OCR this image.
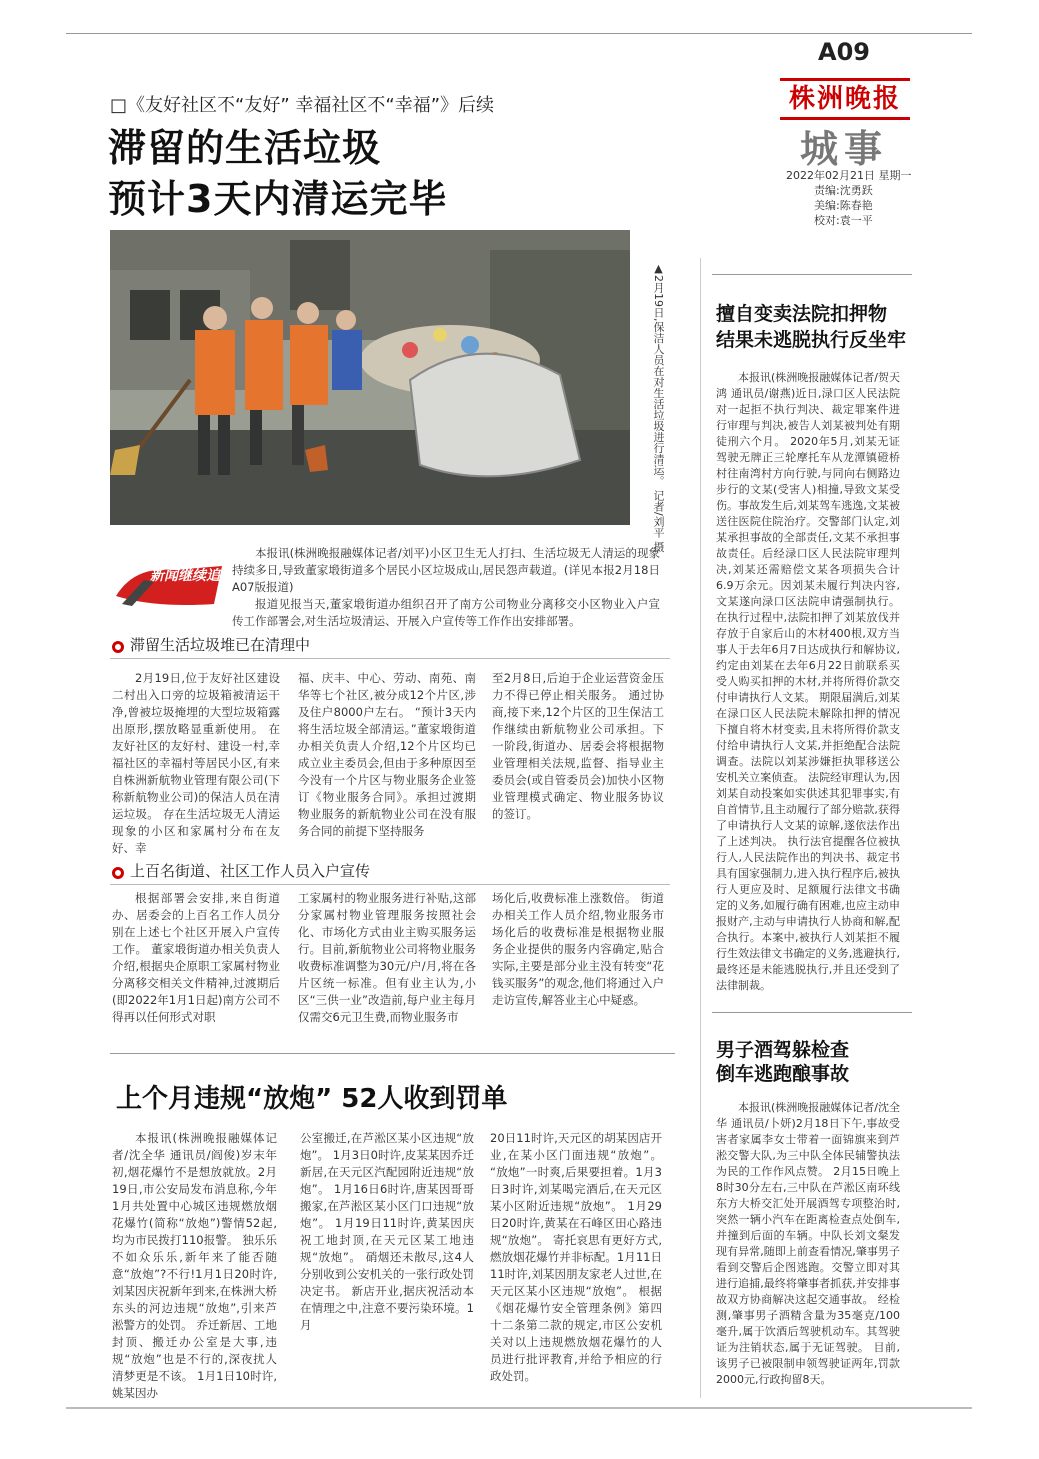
A09
株洲晚报
城事
2022年02月21日 星期一
责编:沈勇跃
美编:陈春艳
校对:袁一平
□《友好社区不“友好” 幸福社区不“幸福”》后续
滞留的生活垃圾
预计3天内清运完毕
▲2月19日,保洁人员在对生活垃圾进行清运。 记者/刘平 摄
新闻继续追
本报讯(株洲晚报融媒体记者/刘平)小区卫生无人打扫、生活垃圾无人清运的现象持续多日,导致董家塅街道多个居民小区垃圾成山,居民怨声载道。(详见本报2月18日A07版报道)
报道见报当天,董家塅街道办组织召开了南方公司物业分离移交小区物业入户宣传工作部署会,对生活垃圾清运、开展入户宣传等工作作出安排部署。
滞留生活垃圾堆已在清理中
2月19日,位于友好社区建设二村出入口旁的垃圾箱被清运干净,曾被垃圾掩埋的大型垃圾箱露出原形,摆放略显重新使用。 在友好社区的友好村、建设一村,幸福社区的幸福村等居民小区,有来自株洲新航物业管理有限公司(下称新航物业公司)的保洁人员在清运垃圾。 存在生活垃圾无人清运现象的小区和家属村分布在友好、幸
福、庆丰、中心、劳动、南苑、南华等七个社区,被分成12个片区,涉及住户8000户左右。 “预计3天内将生活垃圾全部清运。”董家塅街道办相关负责人介绍,12个片区均已成立业主委员会,但由于多种原因至今没有一个片区与物业服务企业签订《物业服务合同》。承担过渡期物业服务的新航物业公司在没有服务合同的前提下坚持服务
至2月8日,后迫于企业运营资金压力不得已停止相关服务。 通过协商,接下来,12个片区的卫生保洁工作继续由新航物业公司承担。下一阶段,街道办、居委会将根据物业管理相关法规,监督、指导业主委员会(或自管委员会)加快小区物业管理模式确定、物业服务协议的签订。
上百名街道、社区工作人员入户宣传
根据部署会安排,来自街道办、居委会的上百名工作人员分别在上述七个社区开展入户宣传工作。 董家塅街道办相关负责人介绍,根据央企原职工家属村物业分离移交相关文件精神,过渡期后(即2022年1月1日起)南方公司不得再以任何形式对职
工家属村的物业服务进行补贴,这部分家属村物业管理服务按照社会化、市场化方式由业主购买服务运行。目前,新航物业公司将物业服务收费标准调整为30元/户/月,将在各片区统一标准。但有业主认为,小区“三供一业”改造前,每户业主每月仅需交6元卫生费,而物业服务市
场化后,收费标准上涨数倍。 街道办相关工作人员介绍,物业服务市场化后的收费标准是根据物业服务企业提供的服务内容确定,贴合实际,主要是部分业主没有转变“花钱买服务”的观念,他们将通过入户走访宣传,解答业主心中疑惑。
上个月违规“放炮” 52人收到罚单
本报讯(株洲晚报融媒体记者/沈全华 通讯员/阎俊)岁末年初,烟花爆竹不是想放就放。2月19日,市公安局发布消息称,今年1月共处置中心城区违规燃放烟花爆竹(简称“放炮”)警情52起,均为市民拨打110报警。 独乐乐不如众乐乐,新年来了能否随意“放炮”?不行!1月1日20时许,刘某因庆祝新年到来,在株洲大桥东头的河边违规“放炮”,引来芦淞警方的处罚。 乔迁新居、工地封顶、搬迁办公室是大事,违规“放炮”也是不行的,深夜扰人清梦更是不该。 1月1日10时许,姚某因办
公室搬迁,在芦淞区某小区违规“放炮”。 1月3日0时许,皮某某因乔迁新居,在天元区汽配园附近违规“放炮”。 1月16日6时许,唐某因哥哥搬家,在芦淞区某小区门口违规“放炮”。 1月19日11时许,黄某因庆祝工地封顶,在天元区某工地违规“放炮”。 硝烟还未散尽,这4人分别收到公安机关的一张行政处罚决定书。 新店开业,据庆祝活动本在情理之中,注意不要污染环境。1月
20日11时许,天元区的胡某因店开业,在某小区门面违规“放炮”。 “放炮”一时爽,后果要担着。1月3日3时许,刘某喝完酒后,在天元区某小区附近违规“放炮”。 1月29日20时许,黄某在石峰区田心路违规“放炮”。 寄托哀思有更好方式,燃放烟花爆竹并非标配。1月11日11时许,刘某因朋友家老人过世,在天元区某小区违规“放炮”。 根据《烟花爆竹安全管理条例》第四十二条第二款的规定,市区公安机关对以上违规燃放烟花爆竹的人员进行批评教育,并给予相应的行政处罚。
擅自变卖法院扣押物
结果未逃脱执行反坐牢
本报讯(株洲晚报融媒体记者/贺天鸿 通讯员/谢燕)近日,渌口区人民法院对一起拒不执行判决、裁定罪案件进行审理与判决,被告人刘某被判处有期徒刑六个月。 2020年5月,刘某无证驾驶无牌正三轮摩托车从龙潭镇磴桥村往南湾村方向行驶,与同向右侧路边步行的文某(受害人)相撞,导致文某受伤。事故发生后,刘某驾车逃逸,文某被送往医院住院治疗。交警部门认定,刘某承担事故的全部责任,文某不承担事故责任。后经渌口区人民法院审理判决,刘某还需赔偿文某各项损失合计6.9万余元。因刘某未履行判决内容,文某遂向渌口区法院申请强制执行。 在执行过程中,法院扣押了刘某放伐并存放于自家后山的木材400根,双方当事人于去年6月7日达成执行和解协议,约定由刘某在去年6月22日前联系买受人购买扣押的木材,并将所得价款交付申请执行人文某。 期限届满后,刘某在渌口区人民法院未解除扣押的情况下擅自将木材变卖,且未将所得价款支付给申请执行人文某,并拒绝配合法院调查。法院以刘某涉嫌拒执罪移送公安机关立案侦查。 法院经审理认为,因刘某自动投案如实供述其犯罪事实,有自首情节,且主动履行了部分赔款,获得了申请执行人文某的谅解,遂依法作出了上述判决。 执行法官提醒各位被执行人,人民法院作出的判决书、裁定书具有国家强制力,进入执行程序后,被执行人更应及时、足额履行法律文书确定的义务,如履行确有困难,也应主动申报财产,主动与申请执行人协商和解,配合执行。本案中,被执行人刘某拒不履行生效法律文书确定的义务,逃避执行,最终还是未能逃脱执行,并且还受到了法律制裁。
男子酒驾躲检查
倒车逃跑酿事故
本报讯(株洲晚报融媒体记者/沈全华 通讯员/卜妍)2月18日下午,事故受害者家属李女士带着一面锦旗来到芦淞交警大队,为三中队全体民辅警执法为民的工作作风点赞。 2月15日晚上8时30分左右,三中队在芦淞区南环线东方大桥交汇处开展酒驾专项整治时,突然一辆小汽车在距离检查点处倒车,并撞到后面的车辆。中队长刘文粲发现有异常,随即上前查看情况,肇事男子看到交警后企图逃跑。交警立即对其进行追捕,最终将肇事者抓获,并安排事故双方协商解决这起交通事故。 经检测,肇事男子酒精含量为35毫克/100毫升,属于饮酒后驾驶机动车。其驾驶证为注销状态,属于无证驾驶。 目前,该男子已被限制申领驾驶证两年,罚款2000元,行政拘留8天。
